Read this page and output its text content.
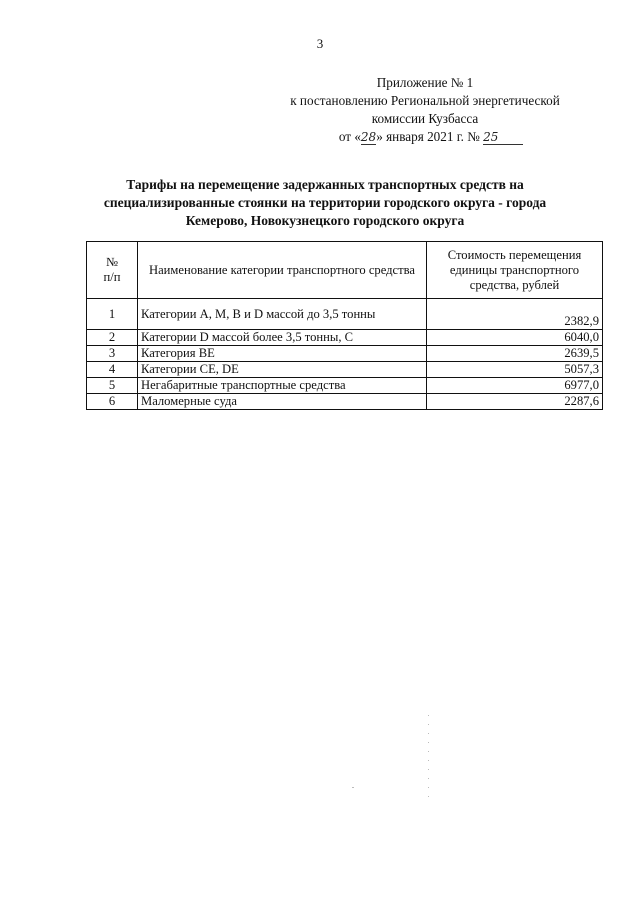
3
Приложение № 1
к постановлению Региональной энергетической
комиссии Кузбасса
от «28» января 2021 г. № 25
Тарифы на перемещение задержанных транспортных средств на
специализированные стоянки на территории городского округа - города
Кемерово, Новокузнецкого городского округа
№
п/п	Наименование категории транспортного средства	Стоимость перемещения единицы транспортного средства, рублей
1	Категории A, M, B и D массой до 3,5 тонны	2382,9
2	Категории D массой более 3,5 тонны, C	6040,0
3	Категория BE	2639,5
4	Категории CE, DE	5057,3
5	Негабаритные транспортные средства	6977,0
6	Маломерные суда	2287,6
